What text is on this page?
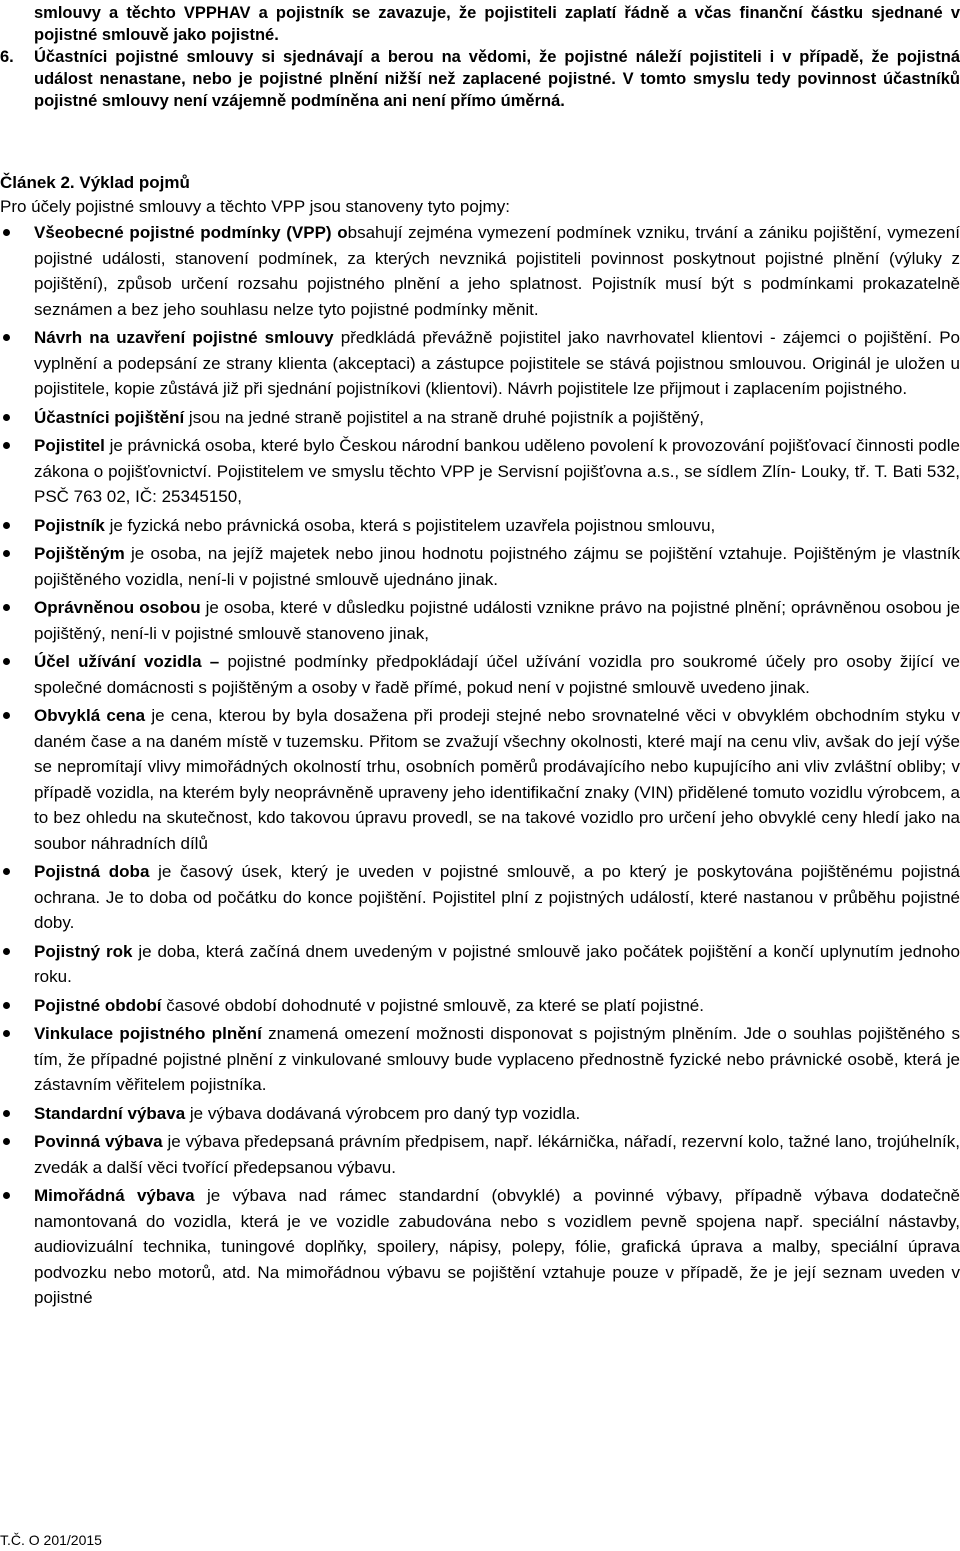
smlouvy a těchto VPPHAV a pojistník se zavazuje, že pojistiteli zaplatí řádně a včas finanční částku sjednané v pojistné smlouvě jako pojistné.
6. Účastníci pojistné smlouvy si sjednávají a berou na vědomi, že pojistné náleží pojistiteli i v případě, že pojistná událost nenastane, nebo je pojistné plnění nižší než zaplacené pojistné. V tomto smyslu tedy povinnost účastníků pojistné smlouvy není vzájemně podmíněna ani není přímo úměrná.
Článek 2. Výklad pojmů
Pro účely pojistné smlouvy a těchto VPP jsou stanoveny tyto pojmy:
Všeobecné pojistné podmínky (VPP) obsahují zejména vymezení podmínek vzniku, trvání a zániku pojištění, vymezení pojistné události, stanovení podmínek, za kterých nevzniká pojistiteli povinnost poskytnout pojistné plnění (výluky z pojištění), způsob určení rozsahu pojistného plnění a jeho splatnost. Pojistník musí být s podmínkami prokazatelně seznámen a bez jeho souhlasu nelze tyto pojistné podmínky měnit.
Návrh na uzavření pojistné smlouvy předkládá převážně pojistitel jako navrhovatel klientovi - zájemci o pojištění. Po vyplnění a podepsání ze strany klienta (akceptaci) a zástupce pojistitele se stává pojistnou smlouvou. Originál je uložen u pojistitele, kopie zůstává již při sjednání pojistníkovi (klientovi). Návrh pojistitele lze přijmout i zaplacením pojistného.
Účastníci pojištění jsou na jedné straně pojistitel a na straně druhé pojistník a pojištěný,
Pojistitel je právnická osoba, které bylo Českou národní bankou uděleno povolení k provozování pojišťovací činnosti podle zákona o pojišťovnictví. Pojistitelem ve smyslu těchto VPP je Servisní pojišťovna a.s., se sídlem Zlín- Louky, tř. T. Bati 532, PSČ 763 02, IČ: 25345150,
Pojistník je fyzická nebo právnická osoba, která s pojistitelem uzavřela pojistnou smlouvu,
Pojištěným je osoba, na jejíž majetek nebo jinou hodnotu pojistného zájmu se pojištění vztahuje. Pojištěným je vlastník pojištěného vozidla, není-li v pojistné smlouvě ujednáno jinak.
Oprávněnou osobou je osoba, které v důsledku pojistné události vznikne právo na pojistné plnění; oprávněnou osobou je pojištěný, není-li v pojistné smlouvě stanoveno jinak,
Účel užívání vozidla – pojistné podmínky předpokládají účel užívání vozidla pro soukromé účely pro osoby žijící ve společné domácnosti s pojištěným a osoby v řadě přímé, pokud není v pojistné smlouvě uvedeno jinak.
Obvyklá cena je cena, kterou by byla dosažena při prodeji stejné nebo srovnatelné věci v obvyklém obchodním styku v daném čase a na daném místě v tuzemsku. Přitom se zvažují všechny okolnosti, které mají na cenu vliv, avšak do její výše se nepromítají vlivy mimořádných okolností trhu, osobních poměrů prodávajícího nebo kupujícího ani vliv zvláštní obliby; v případě vozidla, na kterém byly neoprávněně upraveny jeho identifikační znaky (VIN) přidělené tomuto vozidlu výrobcem, a to bez ohledu na skutečnost, kdo takovou úpravu provedl, se na takové vozidlo pro určení jeho obvyklé ceny hledí jako na soubor náhradních dílů
Pojistná doba je časový úsek, který je uveden v pojistné smlouvě, a po který je poskytována pojištěnému pojistná ochrana. Je to doba od počátku do konce pojištění. Pojistitel plní z pojistných událostí, které nastanou v průběhu pojistné doby.
Pojistný rok je doba, která začíná dnem uvedeným v pojistné smlouvě jako počátek pojištění a končí uplynutím jednoho roku.
Pojistné období časové období dohodnuté v pojistné smlouvě, za které se platí pojistné.
Vinkulace pojistného plnění znamená omezení možnosti disponovat s pojistným plněním. Jde o souhlas pojištěného s tím, že případné pojistné plnění z vinkulované smlouvy bude vyplaceno přednostně fyzické nebo právnické osobě, která je zástavním věřitelem pojistníka.
Standardní výbava je výbava dodávaná výrobcem pro daný typ vozidla.
Povinná výbava je výbava předepsaná právním předpisem, např. lékárnička, nářadí, rezervní kolo, tažné lano, trojúhelník, zvedák a další věci tvořící předepsanou výbavu.
Mimořádná výbava je výbava nad rámec standardní (obvyklé) a povinné výbavy, případně výbava dodatečně namontovaná do vozidla, která je ve vozidle zabudována nebo s vozidlem pevně spojena např. speciální nástavby, audiovizuální technika, tuningové doplňky, spoilery, nápisy, polepy, fólie, grafická úprava a malby, speciální úprava podvozku nebo motorů, atd. Na mimořádnou výbavu se pojištění vztahuje pouze v případě, že je její seznam uveden v pojistné
T.Č. O 201/2015
